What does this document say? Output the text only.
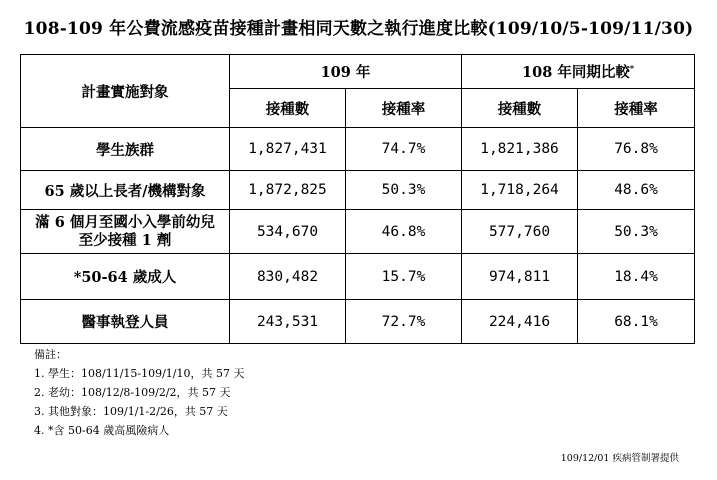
108-109 年公費流感疫苗接種計畫相同天數之執行進度比較(109/10/5-109/11/30)
計畫實施對象	109 年		108 年同期比較*
	接種數	接種率	接種數	接種率
學生族群	1,827,431	74.7%	1,821,386	76.8%
65 歲以上長者/機構對象	1,872,825	50.3%	1,718,264	48.6%

滿 6 個月至國小入學前幼兒
至少接種 1 劑	534,670	46.8%	577,760	50.3%
*50-64 歲成人	830,482	15.7%	974,811	18.4%
醫事執登人員	243,531	72.7%	224,416	68.1%
備註：
1. 學生：108/11/15-109/1/10，共 57 天
2. 老幼：108/12/8-109/2/2，共 57 天
3. 其他對象：109/1/1-2/26，共 57 天
4. *含 50-64 歲高風險病人
109/12/01 疾病管制署提供
